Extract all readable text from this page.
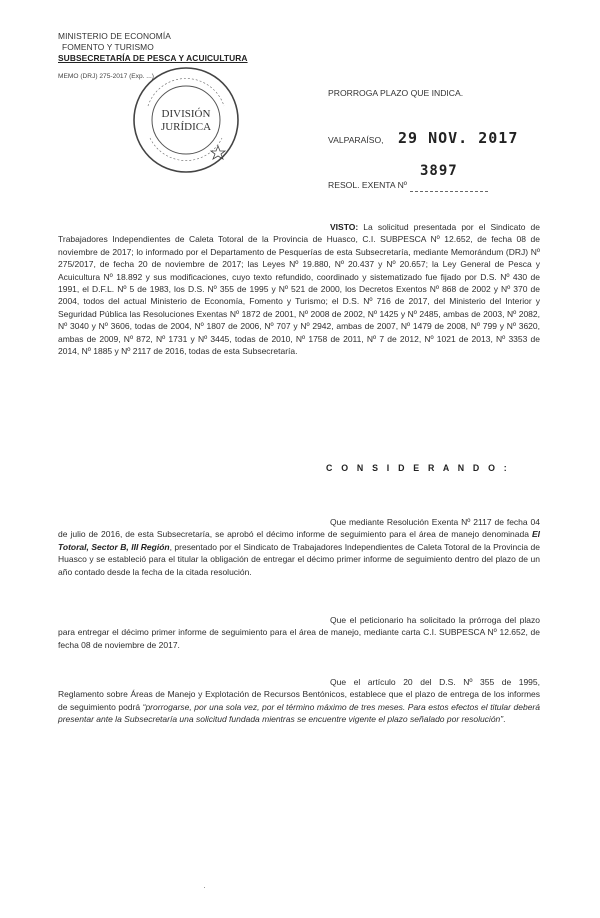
MINISTERIO DE ECONOMÍA
FOMENTO Y TURISMO
SUBSECRETARÍA DE PESCA Y ACUICULTURA
MEMO (DRJ) 275-2017 (Exp. ...)
DIVISIÓN
JURÍDICA
PRORROGA PLAZO QUE INDICA.
VALPARAÍSO, 29 NOV. 2017
RESOL. EXENTA Nº
3897
VISTO: La solicitud presentada por el Sindicato de Trabajadores Independientes de Caleta Totoral de la Provincia de Huasco, C.I. SUBPESCA Nº 12.652, de fecha 08 de noviembre de 2017; lo informado por el Departamento de Pesquerías de esta Subsecretaría, mediante Memorándum (DRJ) Nº 275/2017, de fecha 20 de noviembre de 2017; las Leyes Nº 19.880, Nº 20.437 y Nº 20.657; la Ley General de Pesca y Acuicultura Nº 18.892 y sus modificaciones, cuyo texto refundido, coordinado y sistematizado fue fijado por D.S. Nº 430 de 1991, el D.F.L. Nº 5 de 1983, los D.S. Nº 355 de 1995 y Nº 521 de 2000, los Decretos Exentos Nº 868 de 2002 y Nº 370 de 2004, todos del actual Ministerio de Economía, Fomento y Turismo; el D.S. Nº 716 de 2017, del Ministerio del Interior y Seguridad Pública las Resoluciones Exentas Nº 1872 de 2001, Nº 2008 de 2002, Nº 1425 y Nº 2485, ambas de 2003, Nº 2082, Nº 3040 y Nº 3606, todas de 2004, Nº 1807 de 2006, Nº 707 y Nº 2942, ambas de 2007, Nº 1479 de 2008, Nº 799 y Nº 3620, ambas de 2009, Nº 872, Nº 1731 y Nº 3445, todas de 2010, Nº 1758 de 2011, Nº 7 de 2012, Nº 1021 de 2013, Nº 3353 de 2014, Nº 1885 y Nº 2117 de 2016, todas de esta Subsecretaría.
C O N S I D E R A N D O :
Que mediante Resolución Exenta Nº 2117 de fecha 04 de julio de 2016, de esta Subsecretaría, se aprobó el décimo informe de seguimiento para el área de manejo denominada El Totoral, Sector B, III Región, presentado por el Sindicato de Trabajadores Independientes de Caleta Totoral de la Provincia de Huasco y se estableció para el titular la obligación de entregar el décimo primer informe de seguimiento dentro del plazo de un año contado desde la fecha de la citada resolución.
Que el peticionario ha solicitado la prórroga del plazo para entregar el décimo primer informe de seguimiento para el área de manejo, mediante carta C.I. SUBPESCA Nº 12.652, de fecha 08 de noviembre de 2017.
Que el artículo 20 del D.S. Nº 355 de 1995, Reglamento sobre Áreas de Manejo y Explotación de Recursos Bentónicos, establece que el plazo de entrega de los informes de seguimiento podrá “prorrogarse, por una sola vez, por el término máximo de tres meses. Para estos efectos el titular deberá presentar ante la Subsecretaría una solicitud fundada mientras se encuentre vigente el plazo señalado por resolución”.
·
